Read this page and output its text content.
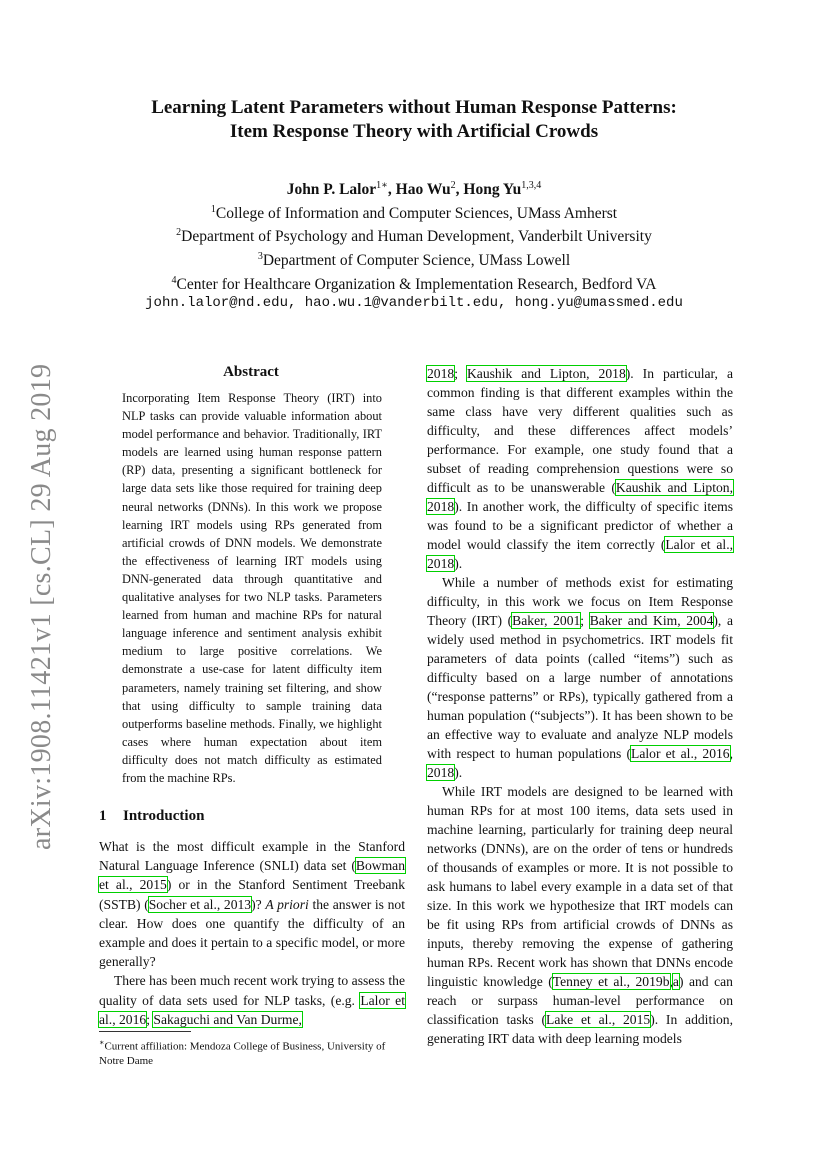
Learning Latent Parameters without Human Response Patterns:
Item Response Theory with Artificial Crowds
John P. Lalor$^{1∗}$, Hao Wu$^2$, Hong Yu$^{1,3,4}$
$^1$College of Information and Computer Sciences, UMass Amherst
$^2$Department of Psychology and Human Development, Vanderbilt University
$^3$Department of Computer Science, UMass Lowell
$^4$Center for Healthcare Organization & Implementation Research, Bedford VA
john.lalor@nd.edu, hao.wu.1@vanderbilt.edu, hong.yu@umassmed.edu
arXiv:1908.11421v1 [cs.CL] 29 Aug 2019	Abstract
Incorporating Item Response Theory (IRT) into NLP tasks can provide valuable information about model performance and behavior. Traditionally, IRT models are learned using human response pattern (RP) data, presenting a significant bottleneck for large data sets like those required for training deep neural networks (DNNs). In this work we propose learning IRT models using RPs generated from artificial crowds of DNN models. We demonstrate the effectiveness of learning IRT models using DNN-generated data through quantitative and qualitative analyses for two NLP tasks. Parameters learned from human and machine RPs for natural language inference and sentiment analysis exhibit medium to large positive correlations. We demonstrate a use-case for latent difficulty item parameters, namely training set filtering, and show that using difficulty to sample training data outperforms baseline methods. Finally, we highlight cases where human expectation about item difficulty does not match difficulty as estimated from the machine RPs.
1 Introduction

What is the most difficult example in the Stanford Natural Language Inference (SNLI) data set (Bowman et al., 2015) or in the Stanford Sentiment Treebank (SSTB) (Socher et al., 2013)? A priori the answer is not clear. How does one quantify the difficulty of an example and does it pertain to a specific model, or more generally?

There has been much recent work trying to assess the quality of data sets used for NLP tasks, (e.g. Lalor et al., 2016; Sakaguchi and Van Durme,

∗Current affiliation: Mendoza College of Business, University of Notre Dame

2018; Kaushik and Lipton, 2018). In particular, a common finding is that different examples within the same class have very different qualities such as difficulty, and these differences affect models’ performance. For example, one study found that a subset of reading comprehension questions were so difficult as to be unanswerable (Kaushik and Lipton, 2018). In another work, the difficulty of specific items was found to be a significant predictor of whether a model would classify the item correctly (Lalor et al., 2018).

While a number of methods exist for estimating difficulty, in this work we focus on Item Response Theory (IRT) (Baker, 2001; Baker and Kim, 2004), a widely used method in psychometrics. IRT models fit parameters of data points (called “items”) such as difficulty based on a large number of annotations (“response patterns” or RPs), typically gathered from a human population (“subjects”). It has been shown to be an effective way to evaluate and analyze NLP models with respect to human populations (Lalor et al., 2016, 2018).

While IRT models are designed to be learned with human RPs for at most 100 items, data sets used in machine learning, particularly for training deep neural networks (DNNs), are on the order of tens or hundreds of thousands of examples or more. It is not possible to ask humans to label every example in a data set of that size. In this work we hypothesize that IRT models can be fit using RPs from artificial crowds of DNNs as inputs, thereby removing the expense of gathering human RPs. Recent work has shown that DNNs encode linguistic knowledge (Tenney et al., 2019b,a) and can reach or surpass human-level performance on classification tasks (Lake et al., 2015). In addition, generating IRT data with deep learning models
